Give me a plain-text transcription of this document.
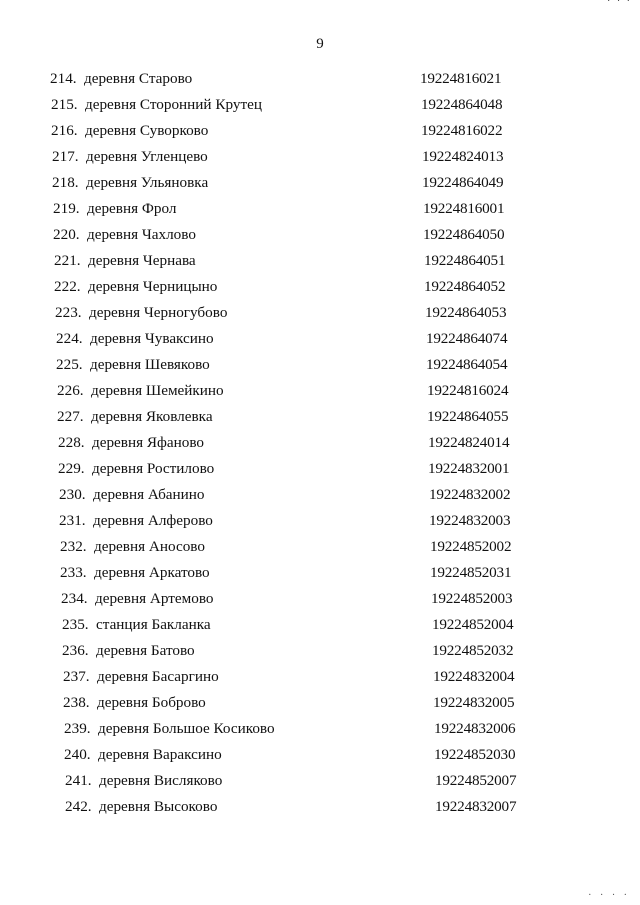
· · ·
9
214. деревня Старово	19224816021
215. деревня Сторонний Крутец	19224864048
216. деревня Суворково	19224816022
217. деревня Угленцево	19224824013
218. деревня Ульяновка	19224864049
219. деревня Фрол	19224816001
220. деревня Чахлово	19224864050
221. деревня Чернава	19224864051
222. деревня Черницыно	19224864052
223. деревня Черногубово	19224864053
224. деревня Чуваксино	19224864074
225. деревня Шевяково	19224864054
226. деревня Шемейкино	19224816024
227. деревня Яковлевка	19224864055
228. деревня Яфаново	19224824014
229. деревня Ростилово	19224832001
230. деревня Абанино	19224832002
231. деревня Алферово	19224832003
232. деревня Аносово	19224852002
233. деревня Аркатово	19224852031
234. деревня Артемово	19224852003
235. станция Бакланка	19224852004
236. деревня Батово	19224852032
237. деревня Басаргино	19224832004
238. деревня Боброво	19224832005
239. деревня Большое Косиково	19224832006
240. деревня Вараксино	19224852030
241. деревня Висляково	19224852007
242. деревня Высоково	19224832007
· · · ·
